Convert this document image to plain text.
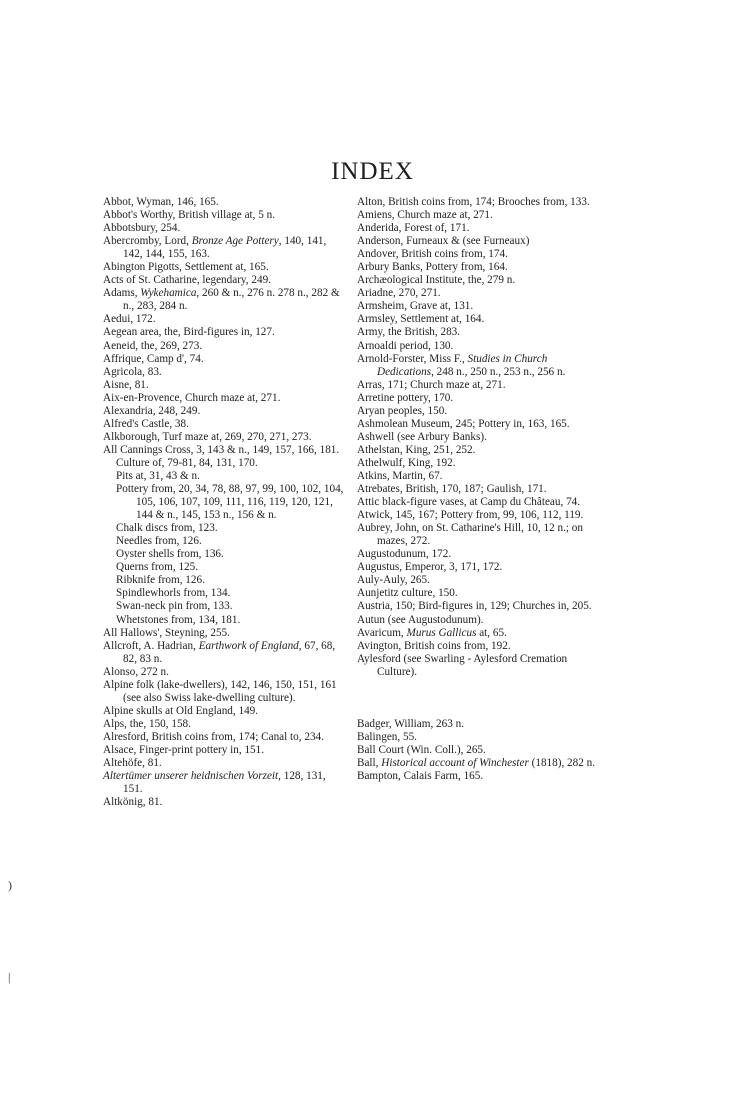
INDEX
Abbot, Wyman, 146, 165.
Abbot's Worthy, British village at, 5 n.
Abbotsbury, 254.
Abercromby, Lord, Bronze Age Pottery, 140, 141, 142, 144, 155, 163.
Abington Pigotts, Settlement at, 165.
Acts of St. Catharine, legendary, 249.
Adams, Wykehamica, 260 & n., 276 n. 278 n., 282 & n., 283, 284 n.
Aedui, 172.
Aegean area, the, Bird-figures in, 127.
Aeneid, the, 269, 273.
Affrique, Camp d', 74.
Agricola, 83.
Aisne, 81.
Aix-en-Provence, Church maze at, 271.
Alexandria, 248, 249.
Alfred's Castle, 38.
Alkborough, Turf maze at, 269, 270, 271, 273.
All Cannings Cross, 3, 143 & n., 149, 157, 166, 181.
Culture of, 79-81, 84, 131, 170.
Pits at, 31, 43 & n.
Pottery from, 20, 34, 78, 88, 97, 99, 100, 102, 104, 105, 106, 107, 109, 111, 116, 119, 120, 121, 144 & n., 145, 153 n., 156 & n.
Chalk discs from, 123.
Needles from, 126.
Oyster shells from, 136.
Querns from, 125.
Ribknife from, 126.
Spindlewhorls from, 134.
Swan-neck pin from, 133.
Whetstones from, 134, 181.
All Hallows', Steyning, 255.
Allcroft, A. Hadrian, Earthwork of England, 67, 68, 82, 83 n.
Alonso, 272 n.
Alpine folk (lake-dwellers), 142, 146, 150, 151, 161 (see also Swiss lake-dwelling culture).
Alpine skulls at Old England, 149.
Alps, the, 150, 158.
Alresford, British coins from, 174; Canal to, 234.
Alsace, Finger-print pottery in, 151.
Altehöfe, 81.
Altertümer unserer heidnischen Vorzeit, 128, 131, 151.
Altkönig, 81.
Alton, British coins from, 174; Brooches from, 133.
Amiens, Church maze at, 271.
Anderida, Forest of, 171.
Anderson, Furneaux & (see Furneaux)
Andover, British coins from, 174.
Arbury Banks, Pottery from, 164.
Archæological Institute, the, 279 n.
Ariadne, 270, 271.
Armsheim, Grave at, 131.
Armsley, Settlement at, 164.
Army, the British, 283.
Arnoaldi period, 130.
Arnold-Forster, Miss F., Studies in Church Dedications, 248 n., 250 n., 253 n., 256 n.
Arras, 171; Church maze at, 271.
Arretine pottery, 170.
Aryan peoples, 150.
Ashmolean Museum, 245; Pottery in, 163, 165.
Ashwell (see Arbury Banks).
Athelstan, King, 251, 252.
Athelwulf, King, 192.
Atkins, Martin, 67.
Atrebates, British, 170, 187; Gaulish, 171.
Attic black-figure vases, at Camp du Château, 74.
Atwick, 145, 167; Pottery from, 99, 106, 112, 119.
Aubrey, John, on St. Catharine's Hill, 10, 12 n.; on mazes, 272.
Augustodunum, 172.
Augustus, Emperor, 3, 171, 172.
Auly-Auly, 265.
Aunjetitz culture, 150.
Austria, 150; Bird-figures in, 129; Churches in, 205.
Autun (see Augustodunum).
Avaricum, Murus Gallicus at, 65.
Avington, British coins from, 192.
Aylesford (see Swarling - Aylesford Cremation Culture).
Badger, William, 263 n.
Balingen, 55.
Ball Court (Win. Coll.), 265.
Ball, Historical account of Winchester (1818), 282 n.
Bampton, Calais Farm, 165.
)
|
